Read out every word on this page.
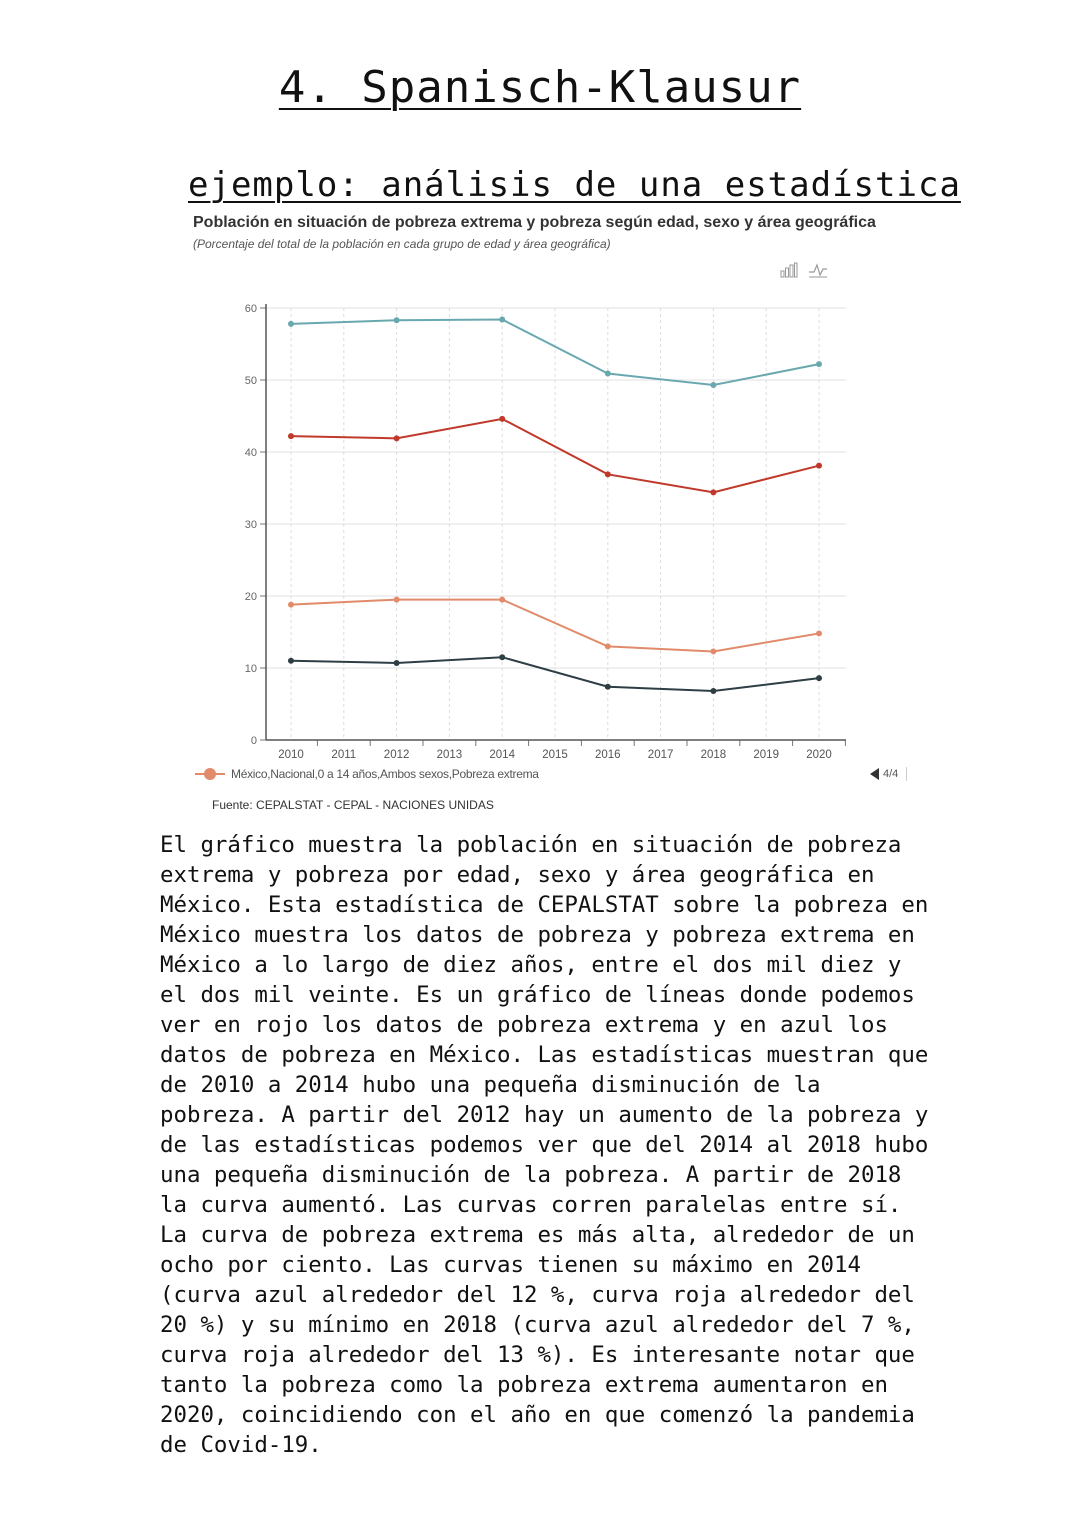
4. Spanisch-Klausur
ejemplo: análisis de una estadística
Población en situación de pobreza extrema y pobreza según edad, sexo y área geográfica
(Porcentaje del total de la población en cada grupo de edad y área geográfica)
0
10
20
30
40
50
60
2010 2011 2012 2013 2014 2015 2016 2017 2018 2019 2020
México,Nacional,0 a 14 años,Ambos sexos,Pobreza extrema	4/4
Fuente: CEPALSTAT - CEPAL - NACIONES UNIDAS
El gráfico muestra la población en situación de pobreza
extrema y pobreza por edad, sexo y área geográfica en
México. Esta estadística de CEPALSTAT sobre la pobreza en
México muestra los datos de pobreza y pobreza extrema en
México a lo largo de diez años, entre el dos mil diez y
el dos mil veinte. Es un gráfico de líneas donde podemos
ver en rojo los datos de pobreza extrema y en azul los
datos de pobreza en México. Las estadísticas muestran que
de 2010 a 2014 hubo una pequeña disminución de la
pobreza. A partir del 2012 hay un aumento de la pobreza y
de las estadísticas podemos ver que del 2014 al 2018 hubo
una pequeña disminución de la pobreza. A partir de 2018
la curva aumentó. Las curvas corren paralelas entre sí.
La curva de pobreza extrema es más alta, alrededor de un
ocho por ciento. Las curvas tienen su máximo en 2014
(curva azul alrededor del 12 %, curva roja alrededor del
20 %) y su mínimo en 2018 (curva azul alrededor del 7 %,
curva roja alrededor del 13 %). Es interesante notar que
tanto la pobreza como la pobreza extrema aumentaron en
2020, coincidiendo con el año en que comenzó la pandemia
de Covid-19.
